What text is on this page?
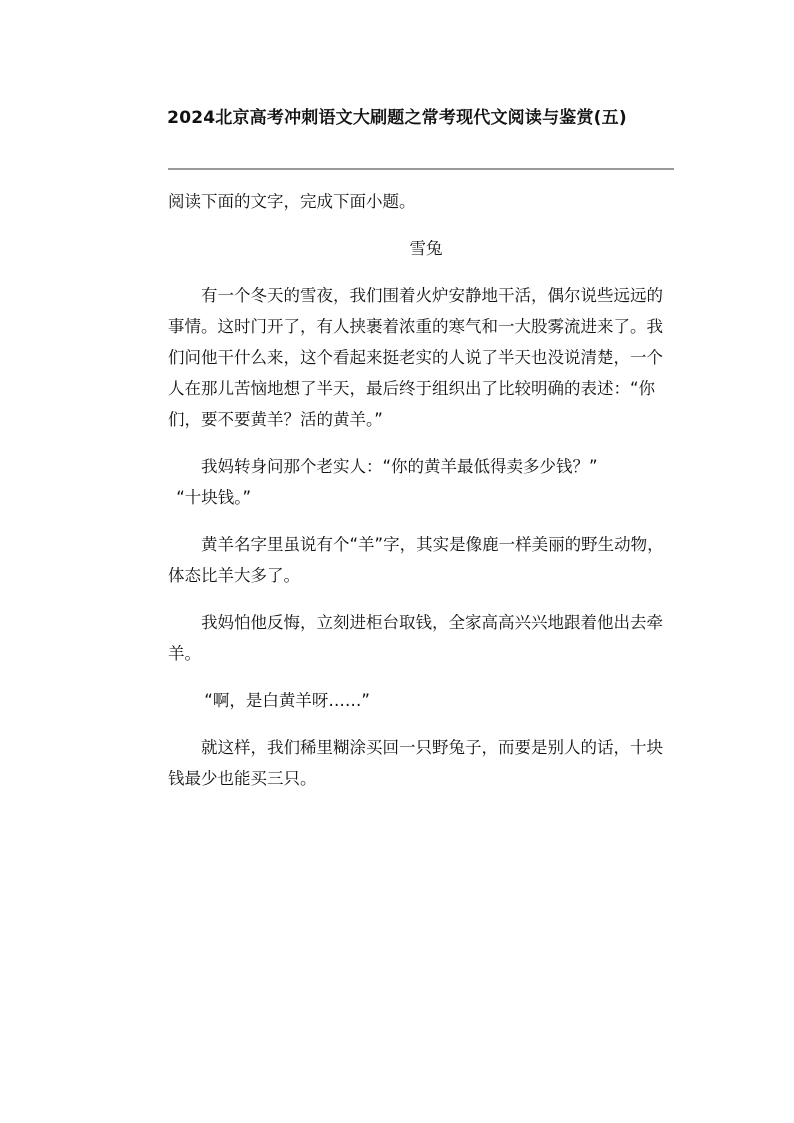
2024北京高考冲刺语文大刷题之常考现代文阅读与鉴赏(五)

阅读下面的文字，完成下面小题。

雪兔

有一个冬天的雪夜，我们围着火炉安静地干活，偶尔说些远远的事情。这时门开了，有人挟裹着浓重的寒气和一大股雾流进来了。我们问他干什么来，这个看起来挺老实的人说了半天也没说清楚，一个人在那儿苦恼地想了半天，最后终于组织出了比较明确的表述：“你们，要不要黄羊？活的黄羊。”

我妈转身问那个老实人：“你的黄羊最低得卖多少钱？”

“十块钱。”

黄羊名字里虽说有个“羊”字，其实是像鹿一样美丽的野生动物，体态比羊大多了。

我妈怕他反悔，立刻进柜台取钱，全家高高兴兴地跟着他出去牵羊。

“啊，是白黄羊呀……”

就这样，我们稀里糊涂买回一只野兔子，而要是别人的话，十块钱最少也能买三只。
